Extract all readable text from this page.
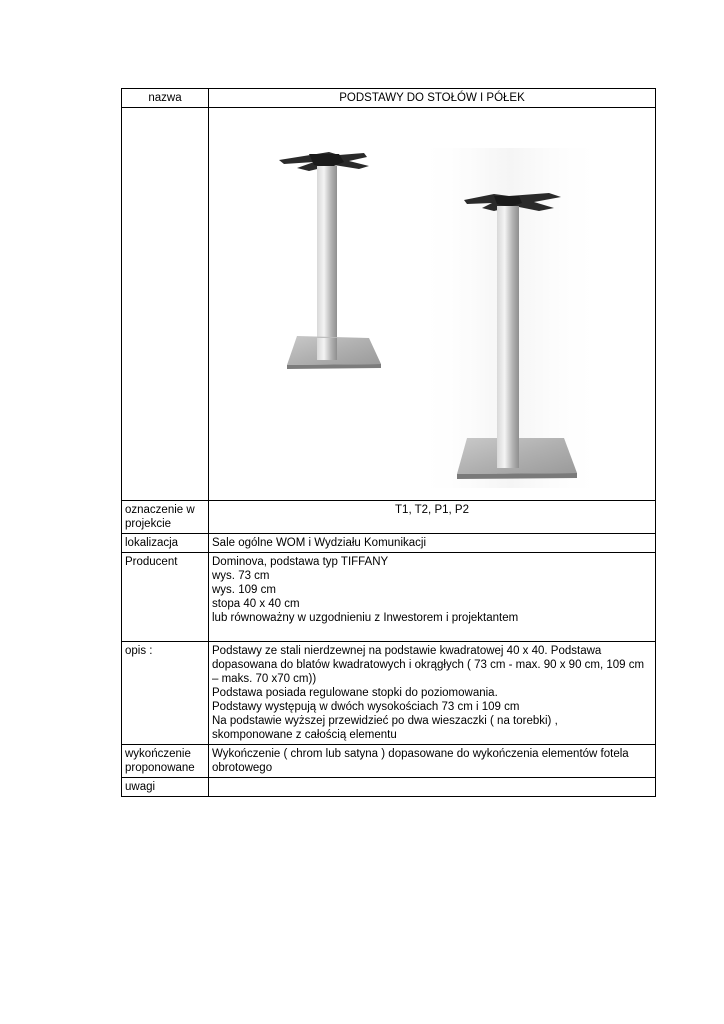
nazwa	PODSTAWY DO STOŁÓW I PÓŁEK

oznaczenie w projekcie	T1, T2, P1, P2
lokalizacja	Sale ogólne WOM i Wydziału Komunikacji
Producent	Dominova, podstawa typ TIFFANY
wys. 73 cm
wys. 109 cm
stopa 40 x 40 cm
lub równoważny w uzgodnieniu z Inwestorem i projektantem
opis :	Podstawy ze stali nierdzewnej na podstawie kwadratowej 40 x 40. Podstawa dopasowana do blatów kwadratowych i okrągłych ( 73 cm - max. 90 x 90 cm, 109 cm – maks. 70 x70 cm))
Podstawa posiada regulowane stopki do poziomowania.
Podstawy występują w dwóch wysokościach 73 cm i 109 cm
Na podstawie wyższej przewidzieć po dwa wieszaczki ( na torebki) ,
skomponowane z całością elementu
wykończenie proponowane	Wykończenie ( chrom lub satyna ) dopasowane do wykończenia elementów fotela obrotowego
uwagi	
